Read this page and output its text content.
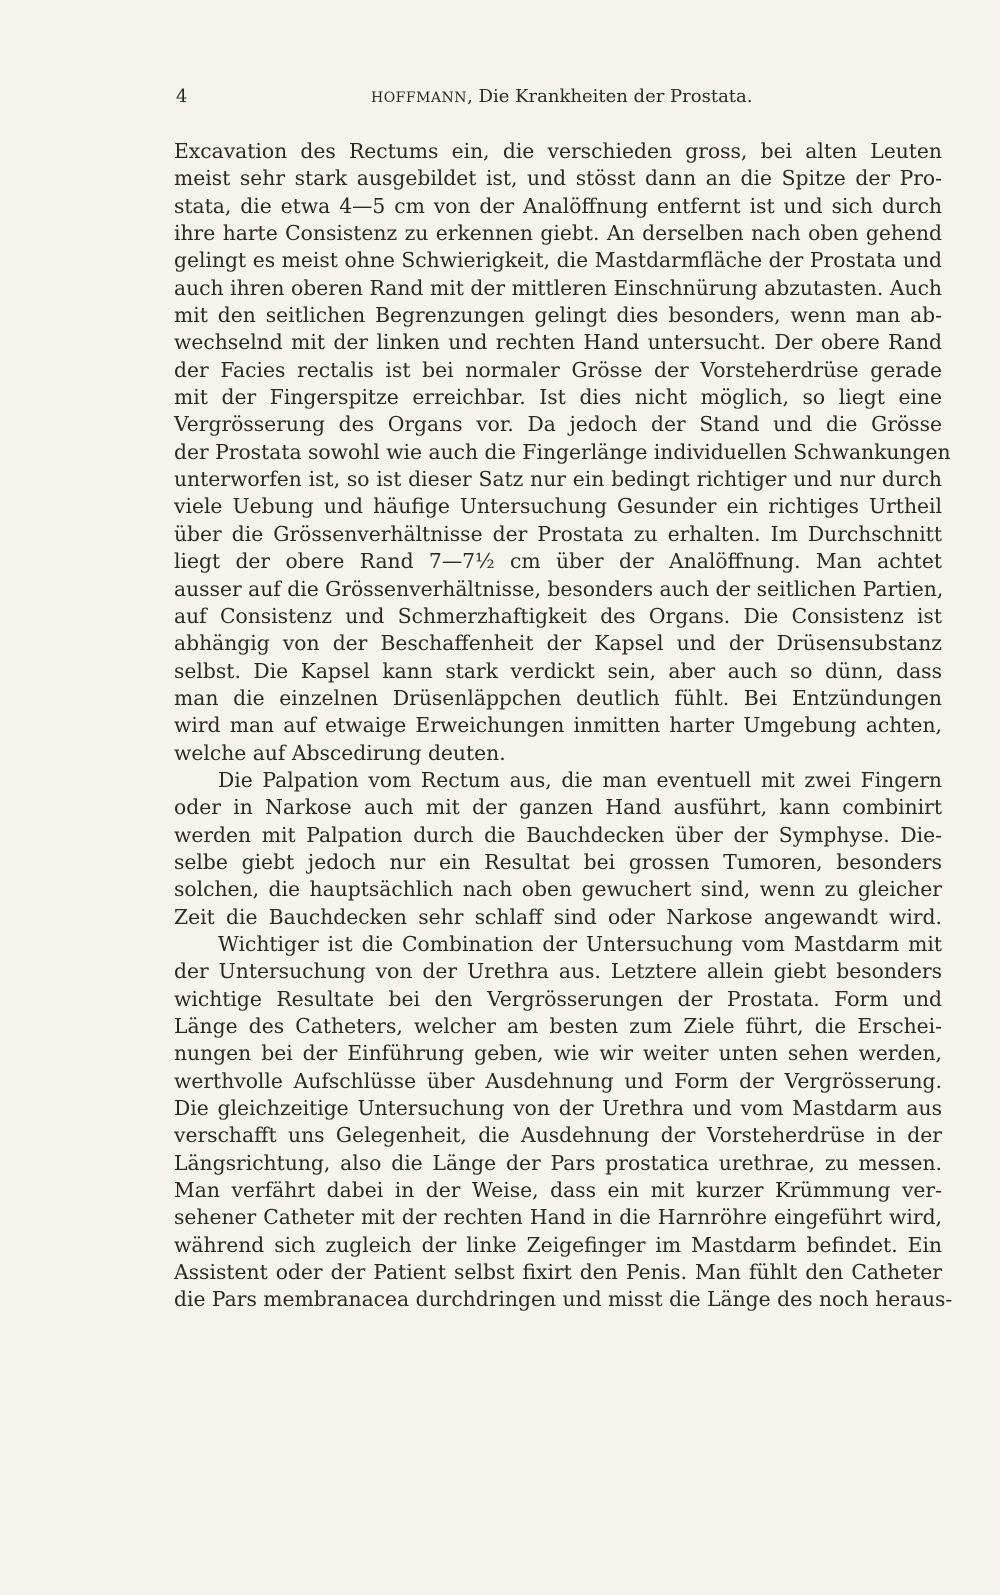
4	HOFFMANN, Die Krankheiten der Prostata.
Excavation des Rectums ein, die verschieden gross, bei alten Leuten
meist sehr stark ausgebildet ist, und stösst dann an die Spitze der Pro-
stata, die etwa 4—5 cm von der Analöffnung entfernt ist und sich durch
ihre harte Consistenz zu erkennen giebt. An derselben nach oben gehend
gelingt es meist ohne Schwierigkeit, die Mastdarmfläche der Prostata und
auch ihren oberen Rand mit der mittleren Einschnürung abzutasten. Auch
mit den seitlichen Begrenzungen gelingt dies besonders, wenn man ab-
wechselnd mit der linken und rechten Hand untersucht. Der obere Rand
der Facies rectalis ist bei normaler Grösse der Vorsteherdrüse gerade
mit der Fingerspitze erreichbar. Ist dies nicht möglich, so liegt eine
Vergrösserung des Organs vor. Da jedoch der Stand und die Grösse
der Prostata sowohl wie auch die Fingerlänge individuellen Schwankungen
unterworfen ist, so ist dieser Satz nur ein bedingt richtiger und nur durch
viele Uebung und häufige Untersuchung Gesunder ein richtiges Urtheil
über die Grössenverhältnisse der Prostata zu erhalten. Im Durchschnitt
liegt der obere Rand 7—7½ cm über der Analöffnung. Man achtet
ausser auf die Grössenverhältnisse, besonders auch der seitlichen Partien,
auf Consistenz und Schmerzhaftigkeit des Organs. Die Consistenz ist
abhängig von der Beschaffenheit der Kapsel und der Drüsensubstanz
selbst. Die Kapsel kann stark verdickt sein, aber auch so dünn, dass
man die einzelnen Drüsenläppchen deutlich fühlt. Bei Entzündungen
wird man auf etwaige Erweichungen inmitten harter Umgebung achten,
welche auf Abscedirung deuten.
Die Palpation vom Rectum aus, die man eventuell mit zwei Fingern
oder in Narkose auch mit der ganzen Hand ausführt, kann combinirt
werden mit Palpation durch die Bauchdecken über der Symphyse. Die-
selbe giebt jedoch nur ein Resultat bei grossen Tumoren, besonders
solchen, die hauptsächlich nach oben gewuchert sind, wenn zu gleicher
Zeit die Bauchdecken sehr schlaff sind oder Narkose angewandt wird.
Wichtiger ist die Combination der Untersuchung vom Mastdarm mit
der Untersuchung von der Urethra aus. Letztere allein giebt besonders
wichtige Resultate bei den Vergrösserungen der Prostata. Form und
Länge des Catheters, welcher am besten zum Ziele führt, die Erschei-
nungen bei der Einführung geben, wie wir weiter unten sehen werden,
werthvolle Aufschlüsse über Ausdehnung und Form der Vergrösserung.
Die gleichzeitige Untersuchung von der Urethra und vom Mastdarm aus
verschafft uns Gelegenheit, die Ausdehnung der Vorsteherdrüse in der
Längsrichtung, also die Länge der Pars prostatica urethrae, zu messen.
Man verfährt dabei in der Weise, dass ein mit kurzer Krümmung ver-
sehener Catheter mit der rechten Hand in die Harnröhre eingeführt wird,
während sich zugleich der linke Zeigefinger im Mastdarm befindet. Ein
Assistent oder der Patient selbst fixirt den Penis. Man fühlt den Catheter
die Pars membranacea durchdringen und misst die Länge des noch heraus-
